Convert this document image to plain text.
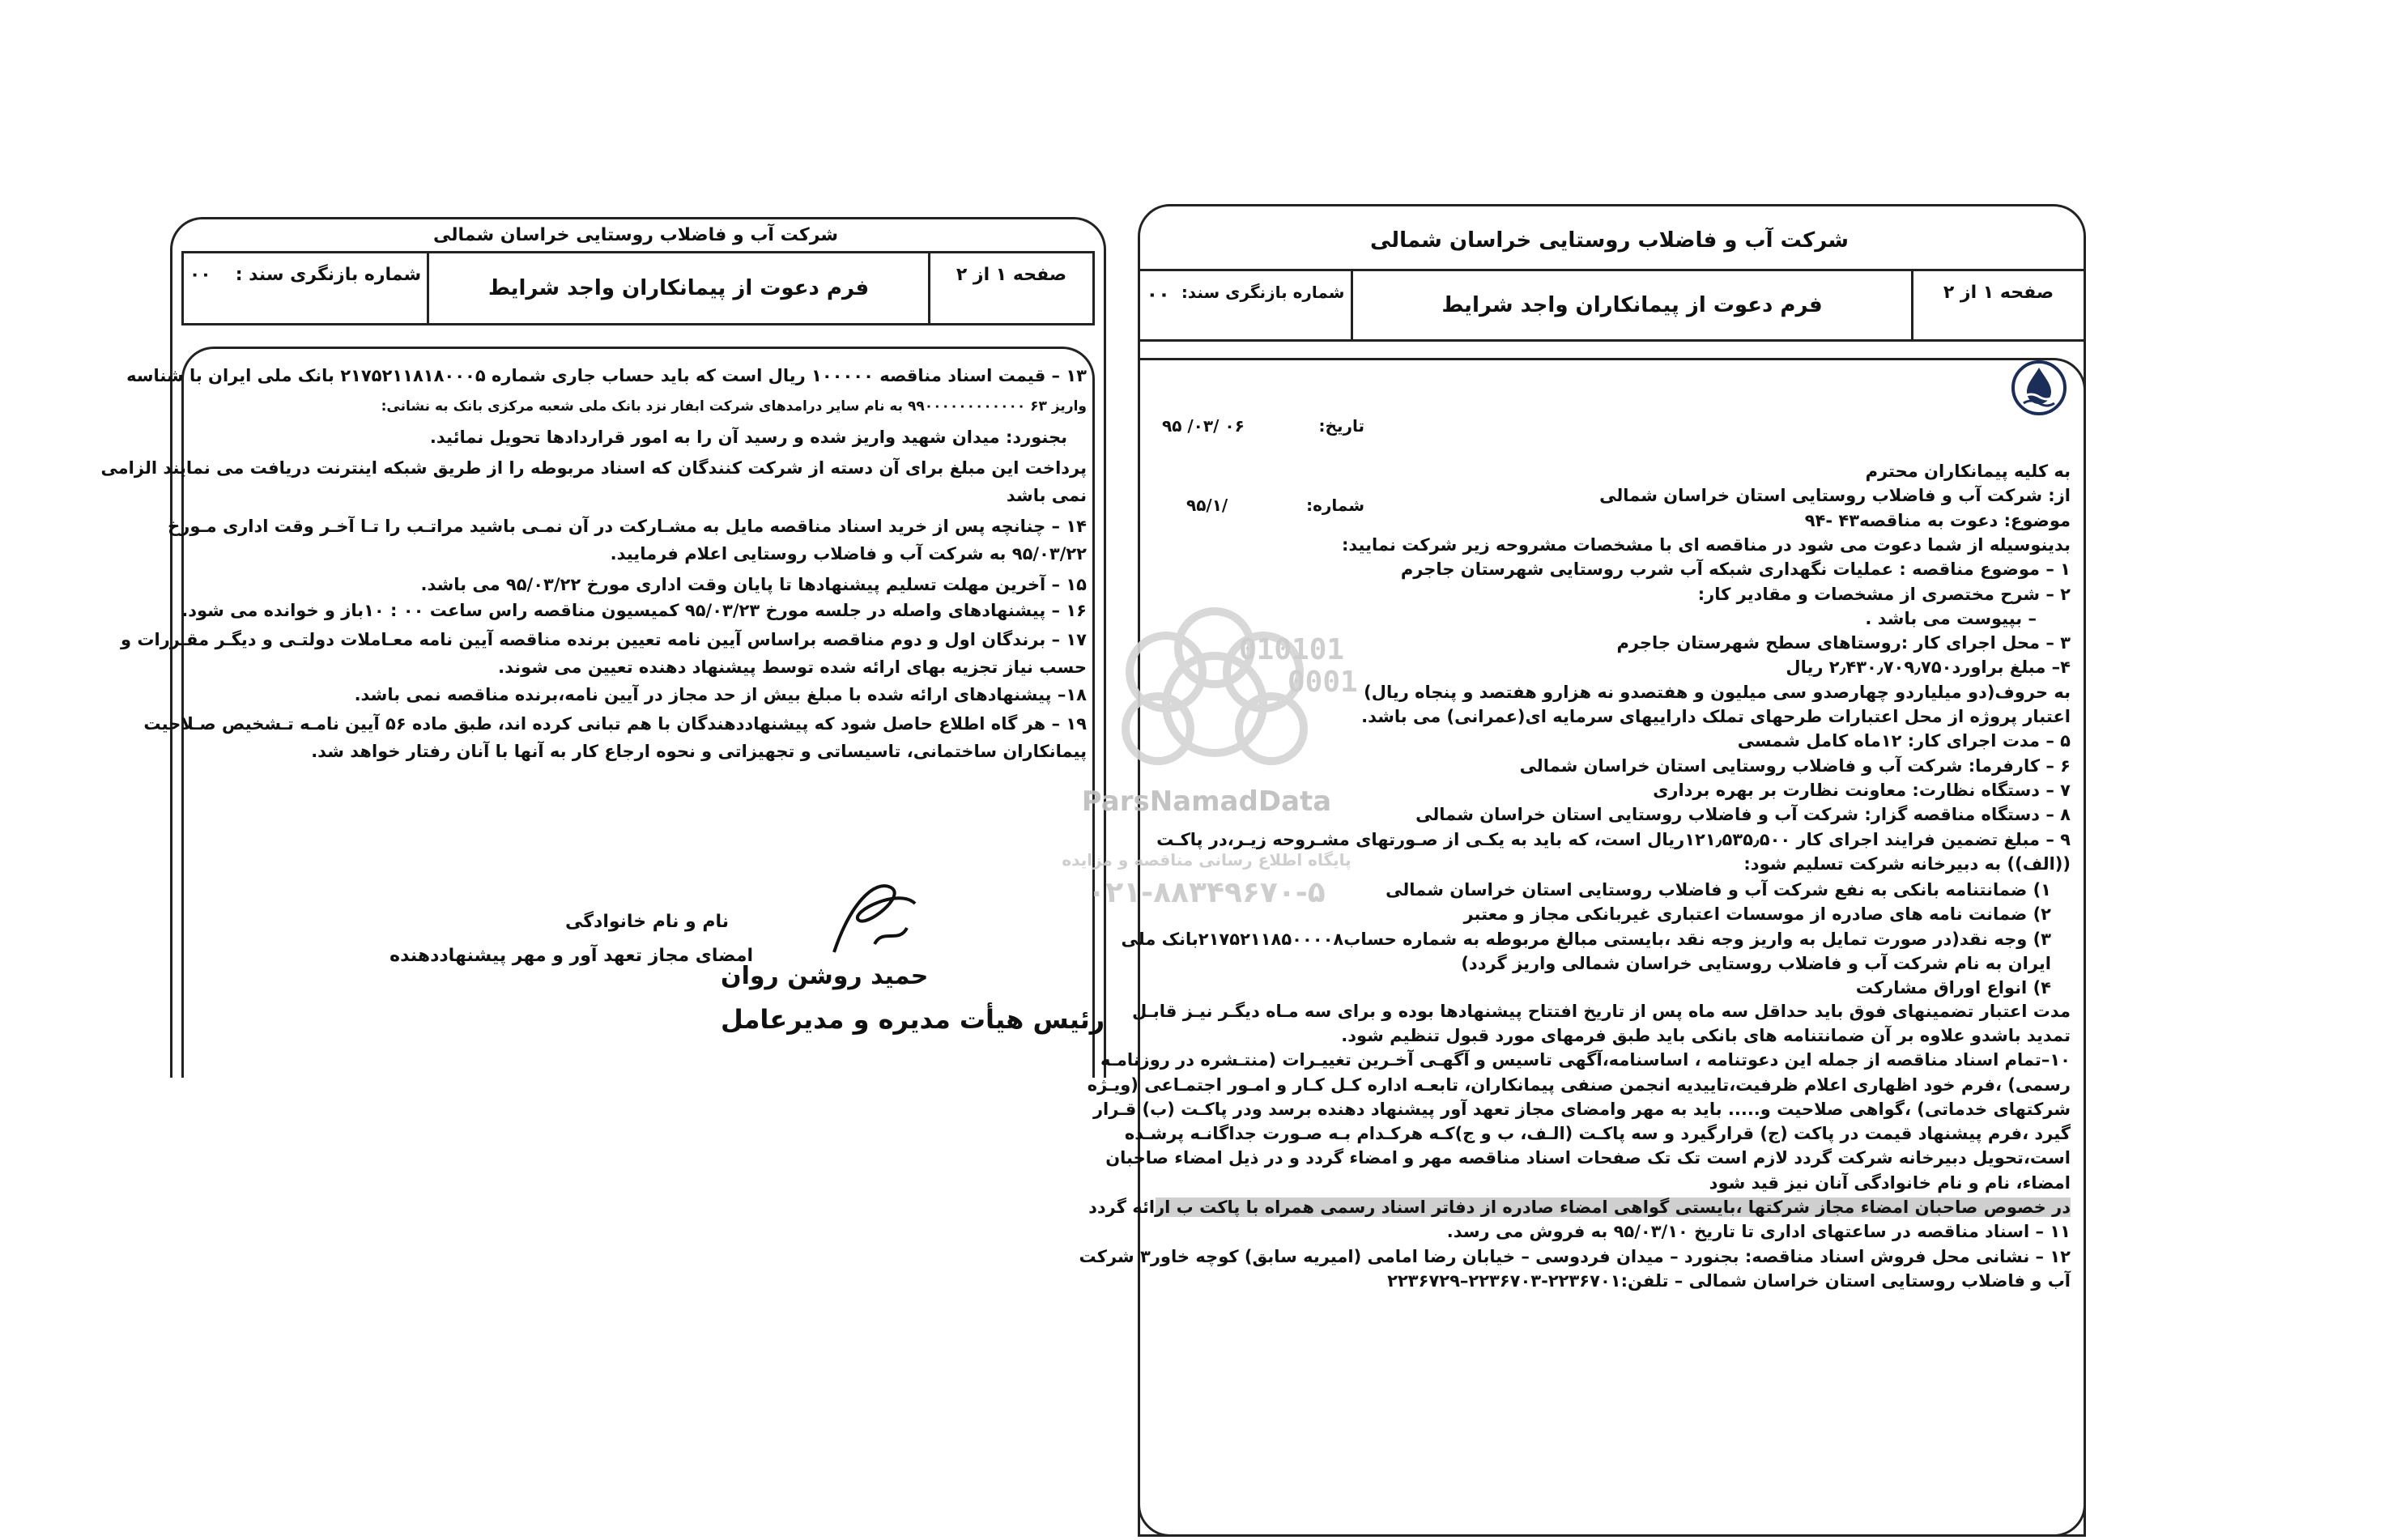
شرکت آب و فاضلاب روستایی خراسان شمالی
صفحه ۱ از ۲
فرم دعوت از پیمانکاران واجد شرایط
شماره بازنگری سند :
۰۰
۱۳ – قیمت اسناد مناقصه ۱۰۰۰۰۰ ریال است که باید حساب جاری شماره ۲۱۷۵۲۱۱۸۱۸۰۰۰۵ بانک ملی ایران با شناسه
واریز ۶۳ ۹۹۰۰۰۰۰۰۰۰۰۰۰۰ به نام سایر درامدهای شرکت ابفار نزد بانک ملی شعبه مرکزی بانک به نشانی:
بجنورد: میدان شهید واریز شده و رسید آن را به امور قراردادها تحویل نمائید.
پرداخت این مبلغ برای آن دسته از شرکت کنندگان که اسناد مربوطه را از طریق شبکه اینترنت دریافت می نمایند الزامی
نمی باشد
۱۴ – چنانچه پس از خرید اسناد مناقصه مایل به مشـارکت در آن نمـی باشید مراتـب را تـا آخـر وقت اداری مـورخ
۹۵/۰۳/۲۲ به شرکت آب و فاضلاب روستایی اعلام فرمایید.
۱۵ – آخرین مهلت تسلیم پیشنهادها تا پایان وقت اداری مورخ ۹۵/۰۳/۲۲ می باشد.
۱۶ – پیشنهادهای واصله در جلسه مورخ ۹۵/۰۳/۲۳ کمیسیون مناقصه راس ساعت ۰۰ : ۱۰باز و خوانده می شود.
۱۷ – برندگان اول و دوم مناقصه براساس آیین نامه تعیین برنده مناقصه آیین نامه معـاملات دولتـی و دیگـر مقـررات و
حسب نیاز تجزیه بهای ارائه شده توسط پیشنهاد دهنده تعیین می شوند.
۱۸– پیشنهادهای ارائه شده با مبلغ بیش از حد مجاز در آیین نامه،برنده مناقصه نمی باشد.
۱۹ – هر گاه اطلاع حاصل شود که پیشنهاددهندگان با هم تبانی کرده اند، طبق ماده ۵۶ آیین نامـه تـشخیص صـلاحیت
پیمانکاران ساختمانی، تاسیساتی و تجهیزاتی و نحوه ارجاع کار به آنها با آنان رفتار خواهد شد.
نام و نام خانوادگی
امضای مجاز تعهد آور و مهر پیشنهاددهنده
حمید روشن روان
رئیس هیأت مدیره و مدیرعامل
شرکت آب و فاضلاب روستایی خراسان شمالی
صفحه ۱ از ۲
فرم دعوت از پیمانکاران واجد شرایط
شماره بازنگری سند:
۰۰
تاریخ:
۹۵ /۰۳/ ۰۶
شماره:
۹۵/۱/
به کلیه پیمانکاران محترم
از: شرکت آب و فاضلاب روستایی استان خراسان شمالی
موضوع: دعوت به مناقصه۴۳ -۹۴
بدینوسیله از شما دعوت می شود در مناقصه ای با مشخصات مشروحه زیر شرکت نمایید:
۱ – موضوع مناقصه : عملیات نگهداری شبکه آب شرب روستایی شهرستان جاجرم
۲ – شرح مختصری از مشخصات و مقادیر کار:
– بپیوست می باشد .
۳ – محل اجرای کار :روستاهای سطح شهرستان جاجرم
۴– مبلغ براورد۲٫۴۳۰٫۷۰۹٫۷۵۰ ریال
به حروف(دو میلیاردو چهارصدو سی میلیون و هفتصدو نه هزارو هفتصد و پنجاه ریال)
اعتبار پروژه از محل اعتبارات طرحهای تملک داراییهای سرمایه ای(عمرانی) می باشد.
۵ – مدت اجرای کار: ۱۲ماه کامل شمسی
۶ – کارفرما: شرکت آب و فاضلاب روستایی استان خراسان شمالی
۷ – دستگاه نظارت: معاونت نظارت بر بهره برداری
۸ – دستگاه مناقصه گزار: شرکت آب و فاضلاب روستایی استان خراسان شمالی
۹ – مبلغ تضمین فرایند اجرای کار ۱۲۱٫۵۳۵٫۵۰۰ریال است، که باید به یکـی از صـورتهای مشـروحه زیـر،در پاکـت
((الف)) به دبیرخانه شرکت تسلیم شود:
۱) ضمانتنامه بانکی به نفع شرکت آب و فاضلاب روستایی استان خراسان شمالی
۲) ضمانت نامه های صادره از موسسات اعتباری غیربانکی مجاز و معتبر
۳) وجه نقد(در صورت تمایل به واریز وجه نقد ،بایستی مبالغ مربوطه به شماره حساب۲۱۷۵۲۱۱۸۵۰۰۰۰۸بانک ملی
ایران به نام شرکت آب و فاضلاب روستایی خراسان شمالی واریز گردد)
۴) انواع اوراق مشارکت
مدت اعتبار تضمینهای فوق باید حداقل سه ماه پس از تاریخ افتتاح پیشنهادها بوده و برای سه مـاه دیگـر نیـز قابـل
تمدید باشدو علاوه بر آن ضمانتنامه های بانکی باید طبق فرمهای مورد قبول تنظیم شود.
۱۰–تمام اسناد مناقصه از جمله این دعوتنامه ، اساسنامه،آگهی تاسیس و آگهـی آخـرین تغییـرات (منتـشره در روزنامـه
رسمی) ،فرم خود اظهاری اعلام ظرفیت،تاییدیه انجمن صنفی پیمانکاران، تابعـه اداره کـل کـار و امـور اجتمـاعی (ویـژه
شرکتهای خدماتی) ،گواهی صلاحیت و..... باید به مهر وامضای مجاز تعهد آور پیشنهاد دهنده برسد ودر پاکـت (ب) قـرار
گیرد ،فرم پیشنهاد قیمت در پاکت (ج) قرارگیرد و سه پاکـت (الـف، ب و ج)کـه هرکـدام بـه صـورت جداگانـه پرشـده
است،تحویل دبیرخانه شرکت گردد لازم است تک تک صفحات اسناد مناقصه مهر و امضاء گردد و در ذیل امضاء صاحبان
امضاء، نام و نام خانوادگی آنان نیز قید شود
در خصوص صاحبان امضاء مجاز شرکتها ،بایستی گواهی امضاء صادره از دفاتر اسناد رسمی همراه با پاکت ب ارائه گردد
۱۱ – اسناد مناقصه در ساعتهای اداری تا تاریخ ۹۵/۰۳/۱۰ به فروش می رسد.
۱۲ – نشانی محل فروش اسناد مناقصه: بجنورد – میدان فردوسی – خیابان رضا امامی (امیریه سابق) کوچه خاور۳ شرکت
آب و فاضلاب روستایی استان خراسان شمالی – تلفن:۲۲۳۶۷۰۱-۲۲۳۶۷۰۳–۲۲۳۶۷۲۹
010101
0001
ParsNamadData
پایگاه اطلاع رسانی مناقصه و مزایده
۰۲۱-۸۸۳۴۹۶۷۰-۵
